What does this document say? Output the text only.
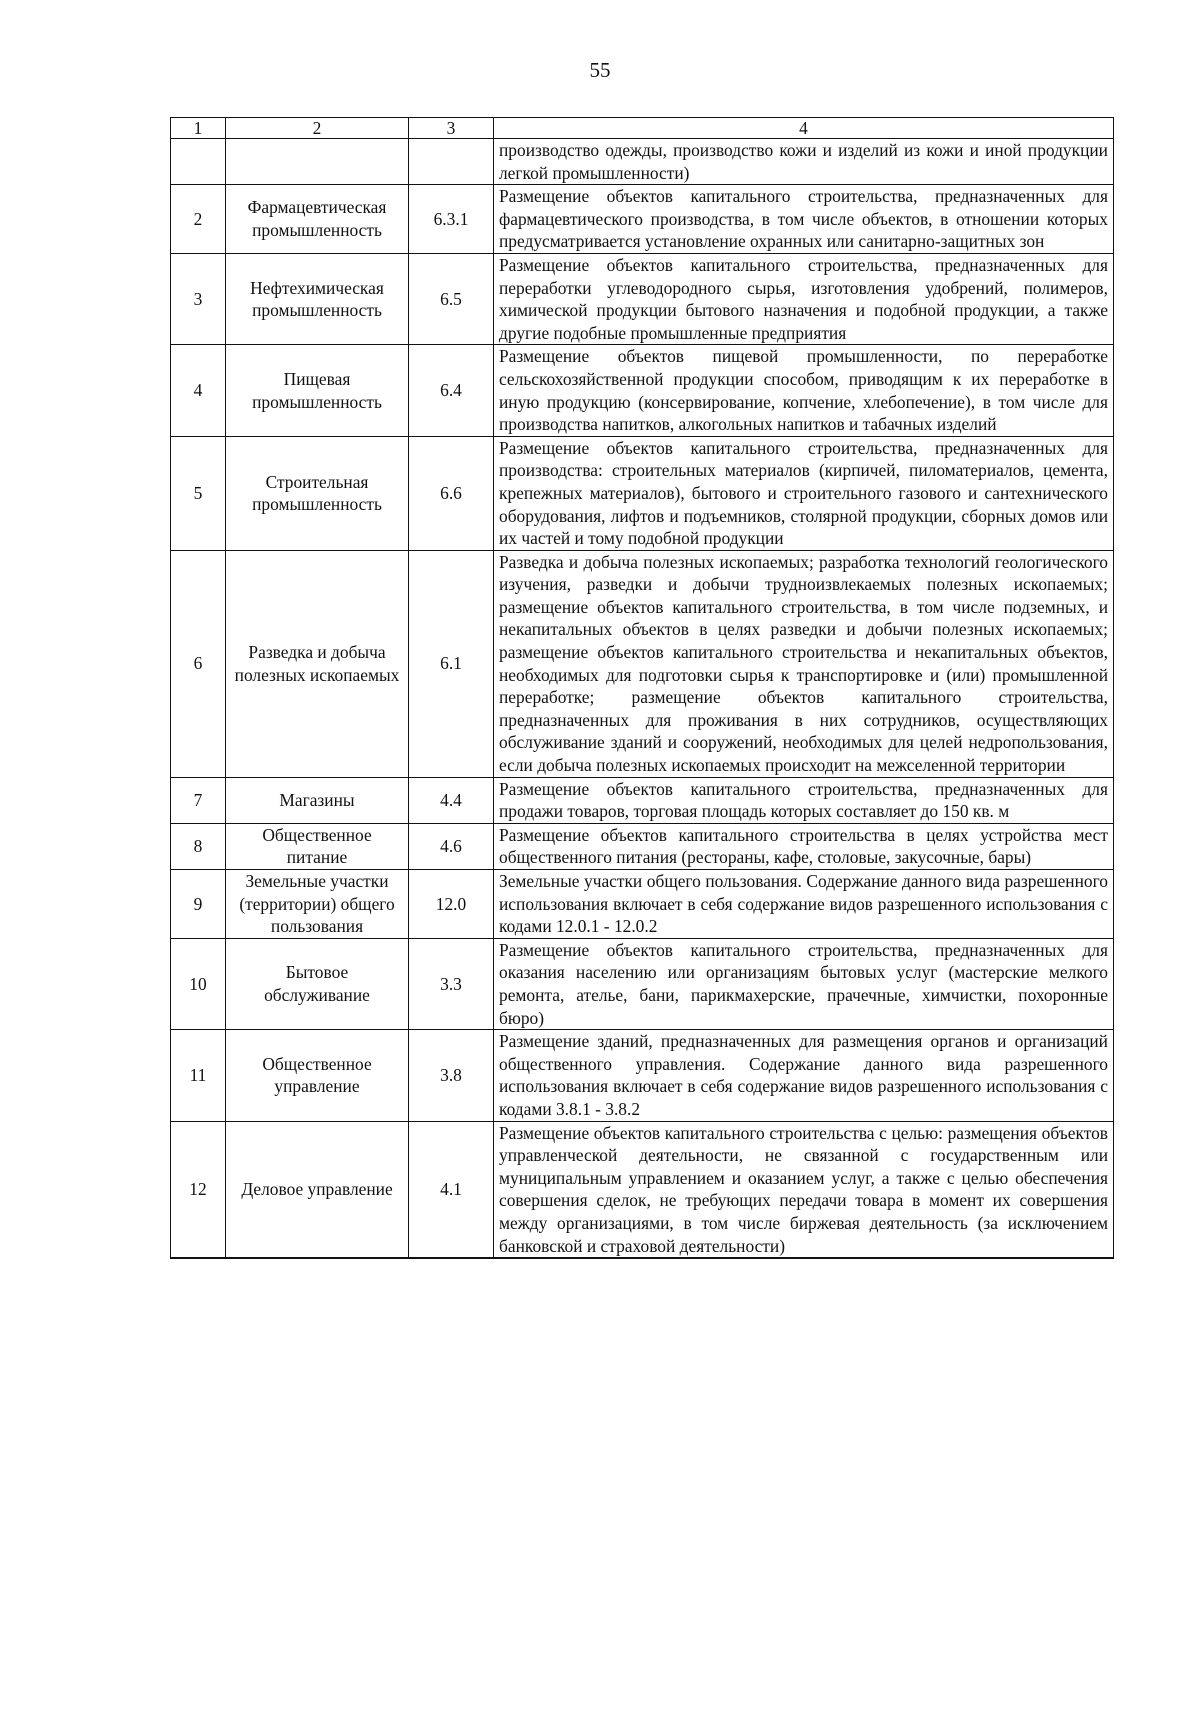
55
1	2	3	4
			производство одежды, производство кожи и изделий из кожи и иной продукции легкой промышленности)
2	Фармацевтическая промышленность	6.3.1	Размещение объектов капитального строительства, предназначенных для фармацевтического производства, в том числе объектов, в отношении которых предусматривается установление охранных или санитарно-защитных зон
3	Нефтехимическая промышленность	6.5	Размещение объектов капитального строительства, предназначенных для переработки углеводородного сырья, изготовления удобрений, полимеров, химической продукции бытового назначения и подобной продукции, а также другие подобные промышленные предприятия
4	Пищевая промышленность	6.4	Размещение объектов пищевой промышленности, по переработке сельскохозяйственной продукции способом, приводящим к их переработке в иную продукцию (консервирование, копчение, хлебопечение), в том числе для производства напитков, алкогольных напитков и табачных изделий
5	Строительная промышленность	6.6	Размещение объектов капитального строительства, предназначенных для производства: строительных материалов (кирпичей, пиломатериалов, цемента, крепежных материалов), бытового и строительного газового и сантехнического оборудования, лифтов и подъемников, столярной продукции, сборных домов или их частей и тому подобной продукции
6	Разведка и добыча полезных ископаемых	6.1	Разведка и добыча полезных ископаемых; разработка технологий геологического изучения, разведки и добычи трудноизвлекаемых полезных ископаемых; размещение объектов капитального строительства, в том числе подземных, и некапитальных объектов в целях разведки и добычи полезных ископаемых; размещение объектов капитального строительства и некапитальных объектов, необходимых для подготовки сырья к транспортировке и (или) промышленной переработке; размещение объектов капитального строительства, предназначенных для проживания в них сотрудников, осуществляющих обслуживание зданий и сооружений, необходимых для целей недропользования, если добыча полезных ископаемых происходит на межселенной территории
7	Магазины	4.4	Размещение объектов капитального строительства, предназначенных для продажи товаров, торговая площадь которых составляет до 150 кв. м
8	Общественное питание	4.6	Размещение объектов капитального строительства в целях устройства мест общественного питания (рестораны, кафе, столовые, закусочные, бары)
9	Земельные участки (территории) общего пользования	12.0	Земельные участки общего пользования. Содержание данного вида разрешенного использования включает в себя содержание видов разрешенного использования с кодами 12.0.1 - 12.0.2
10	Бытовое обслуживание	3.3	Размещение объектов капитального строительства, предназначенных для оказания населению или организациям бытовых услуг (мастерские мелкого ремонта, ателье, бани, парикмахерские, прачечные, химчистки, похоронные бюро)
11	Общественное управление	3.8	Размещение зданий, предназначенных для размещения органов и организаций общественного управления. Содержание данного вида разрешенного использования включает в себя содержание видов разрешенного использования с кодами 3.8.1 - 3.8.2
12	Деловое управление	4.1	Размещение объектов капитального строительства с целью: размещения объектов управленческой деятельности, не связанной с государственным или муниципальным управлением и оказанием услуг, а также с целью обеспечения совершения сделок, не требующих передачи товара в момент их совершения между организациями, в том числе биржевая деятельность (за исключением банковской и страховой деятельности)
